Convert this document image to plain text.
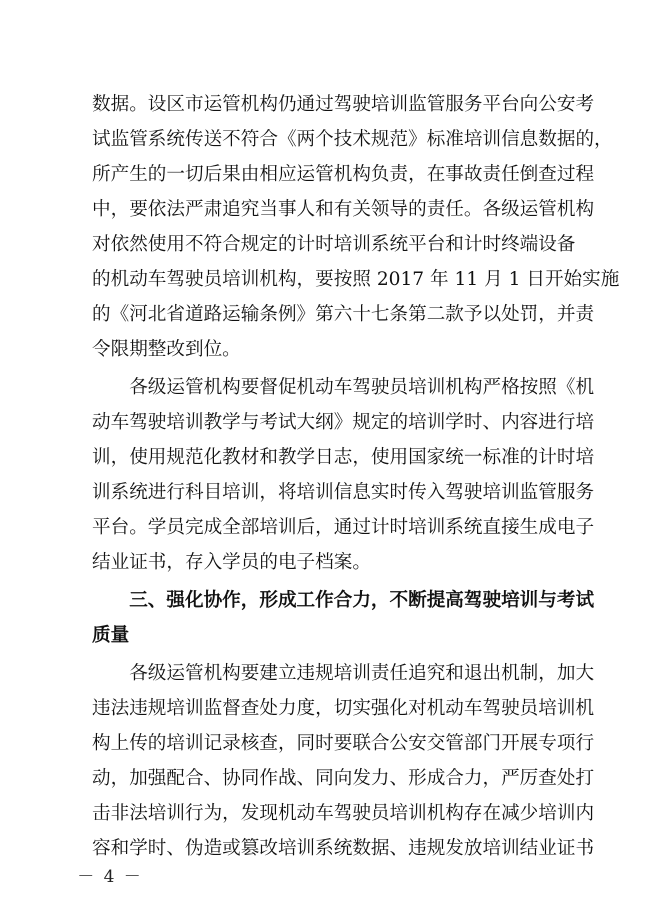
数据。设区市运管机构仍通过驾驶培训监管服务平台向公安考
试监管系统传送不符合《两个技术规范》标准培训信息数据的，
所产生的一切后果由相应运管机构负责，在事故责任倒查过程
中，要依法严肃追究当事人和有关领导的责任。各级运管机构
对依然使用不符合规定的计时培训系统平台和计时终端设备
的机动车驾驶员培训机构，要按照 2017 年 11 月 1 日开始实施
的《河北省道路运输条例》第六十七条第二款予以处罚，并责
令限期整改到位。
　　各级运管机构要督促机动车驾驶员培训机构严格按照《机
动车驾驶培训教学与考试大纲》规定的培训学时、内容进行培
训，使用规范化教材和教学日志，使用国家统一标准的计时培
训系统进行科目培训，将培训信息实时传入驾驶培训监管服务
平台。学员完成全部培训后，通过计时培训系统直接生成电子
结业证书，存入学员的电子档案。
　　三、强化协作，形成工作合力，不断提高驾驶培训与考试
质量
　　各级运管机构要建立违规培训责任追究和退出机制，加大
违法违规培训监督查处力度，切实强化对机动车驾驶员培训机
构上传的培训记录核查，同时要联合公安交管部门开展专项行
动，加强配合、协同作战、同向发力、形成合力，严厉查处打
击非法培训行为，发现机动车驾驶员培训机构存在减少培训内
容和学时、伪造或篡改培训系统数据、违规发放培训结业证书
－ 4 －
